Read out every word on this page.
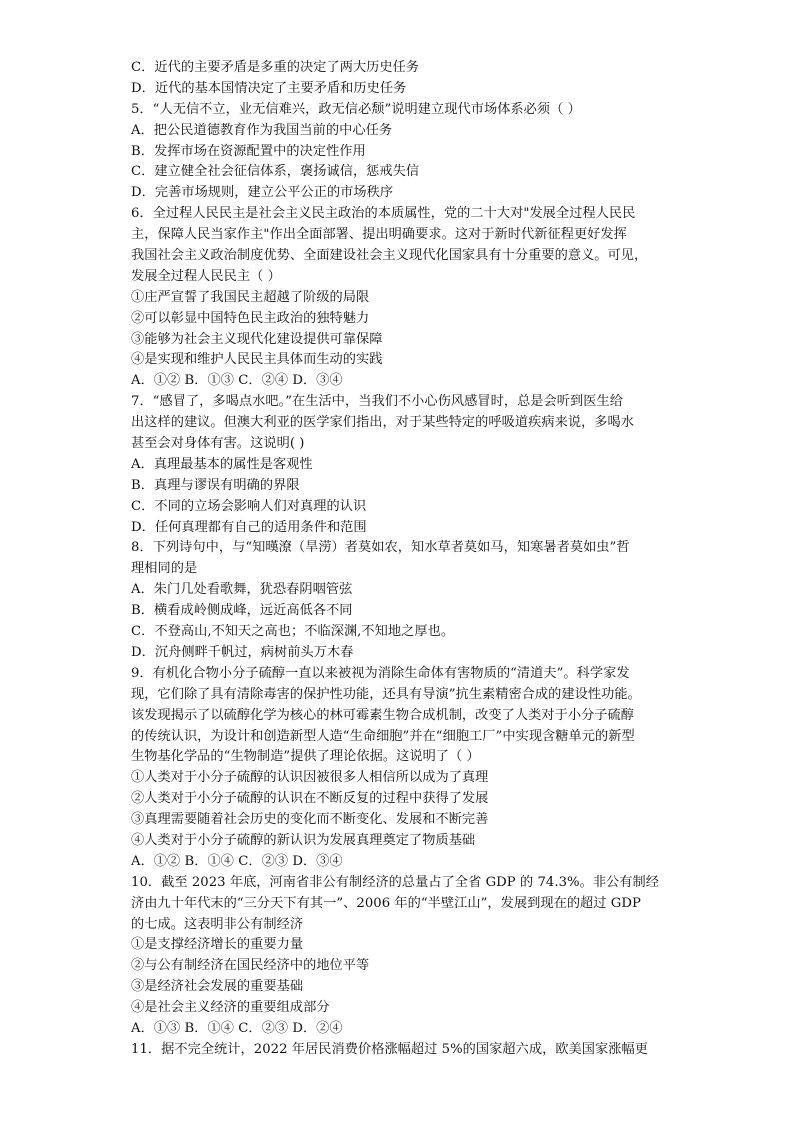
C．近代的主要矛盾是多重的决定了两大历史任务
D．近代的基本国情决定了主要矛盾和历史任务
5．“人无信不立，业无信难兴，政无信必颓”说明建立现代市场体系必须（ ）
A．把公民道德教育作为我国当前的中心任务
B．发挥市场在资源配置中的决定性作用
C．建立健全社会征信体系，褒扬诚信，惩戒失信
D．完善市场规则，建立公平公正的市场秩序
6．全过程人民民主是社会主义民主政治的本质属性，党的二十大对"发展全过程人民民
主，保障人民当家作主"作出全面部署、提出明确要求。这对于新时代新征程更好发挥
我国社会主义政治制度优势、全面建设社会主义现代化国家具有十分重要的意义。可见，
发展全过程人民民主（ ）
①庄严宣誓了我国民主超越了阶级的局限
②可以彰显中国特色民主政治的独特魅力
③能够为社会主义现代化建设提供可靠保障
④是实现和维护人民民主具体而生动的实践
A．①② B．①③ C．②④ D．③④
7．“感冒了，多喝点水吧。”在生活中，当我们不小心伤风感冒时，总是会听到医生给
出这样的建议。但澳大利亚的医学家们指出，对于某些特定的呼吸道疾病来说，多喝水
甚至会对身体有害。这说明( )
A．真理最基本的属性是客观性
B．真理与谬误有明确的界限
C．不同的立场会影响人们对真理的认识
D．任何真理都有自己的适用条件和范围
8．下列诗句中，与“知暵潦（旱涝）者莫如农，知水草者莫如马，知寒暑者莫如虫”哲
理相同的是
A．朱门几处看歌舞，犹恐春阴咽管弦
B．横看成岭侧成峰，远近高低各不同
C．不登高山,不知天之高也；不临深渊,不知地之厚也。
D．沉舟侧畔千帆过，病树前头万木春
9．有机化合物小分子硫醇一直以来被视为消除生命体有害物质的“清道夫”。科学家发
现，它们除了具有清除毒害的保护性功能，还具有导演”抗生素精密合成的建设性功能。
该发现揭示了以硫醇化学为核心的林可霉素生物合成机制，改变了人类对于小分子硫醇
的传统认识，为设计和创造新型人造“生命细胞”并在“细胞工厂”中实现含糖单元的新型
生物基化学品的“生物制造”提供了理论依据。这说明了（ ）
①人类对于小分子硫醇的认识因被很多人相信所以成为了真理
②人类对于小分子硫醇的认识在不断反复的过程中获得了发展
③真理需要随着社会历史的变化而不断变化、发展和不断完善
④人类对于小分子硫醇的新认识为发展真理奠定了物质基础
A．①② B．①④ C．②③ D．③④
10．截至 2023 年底，河南省非公有制经济的总量占了全省 GDP 的 74.3%。非公有制经
济由九十年代末的“三分天下有其一”、2006 年的“半壁江山”，发展到现在的超过 GDP
的七成。这表明非公有制经济
①是支撑经济增长的重要力量
②与公有制经济在国民经济中的地位平等
③是经济社会发展的重要基础
④是社会主义经济的重要组成部分
A．①③ B．①④ C．②③ D．②④
11．据不完全统计，2022 年居民消费价格涨幅超过 5%的国家超六成，欧美国家涨幅更
